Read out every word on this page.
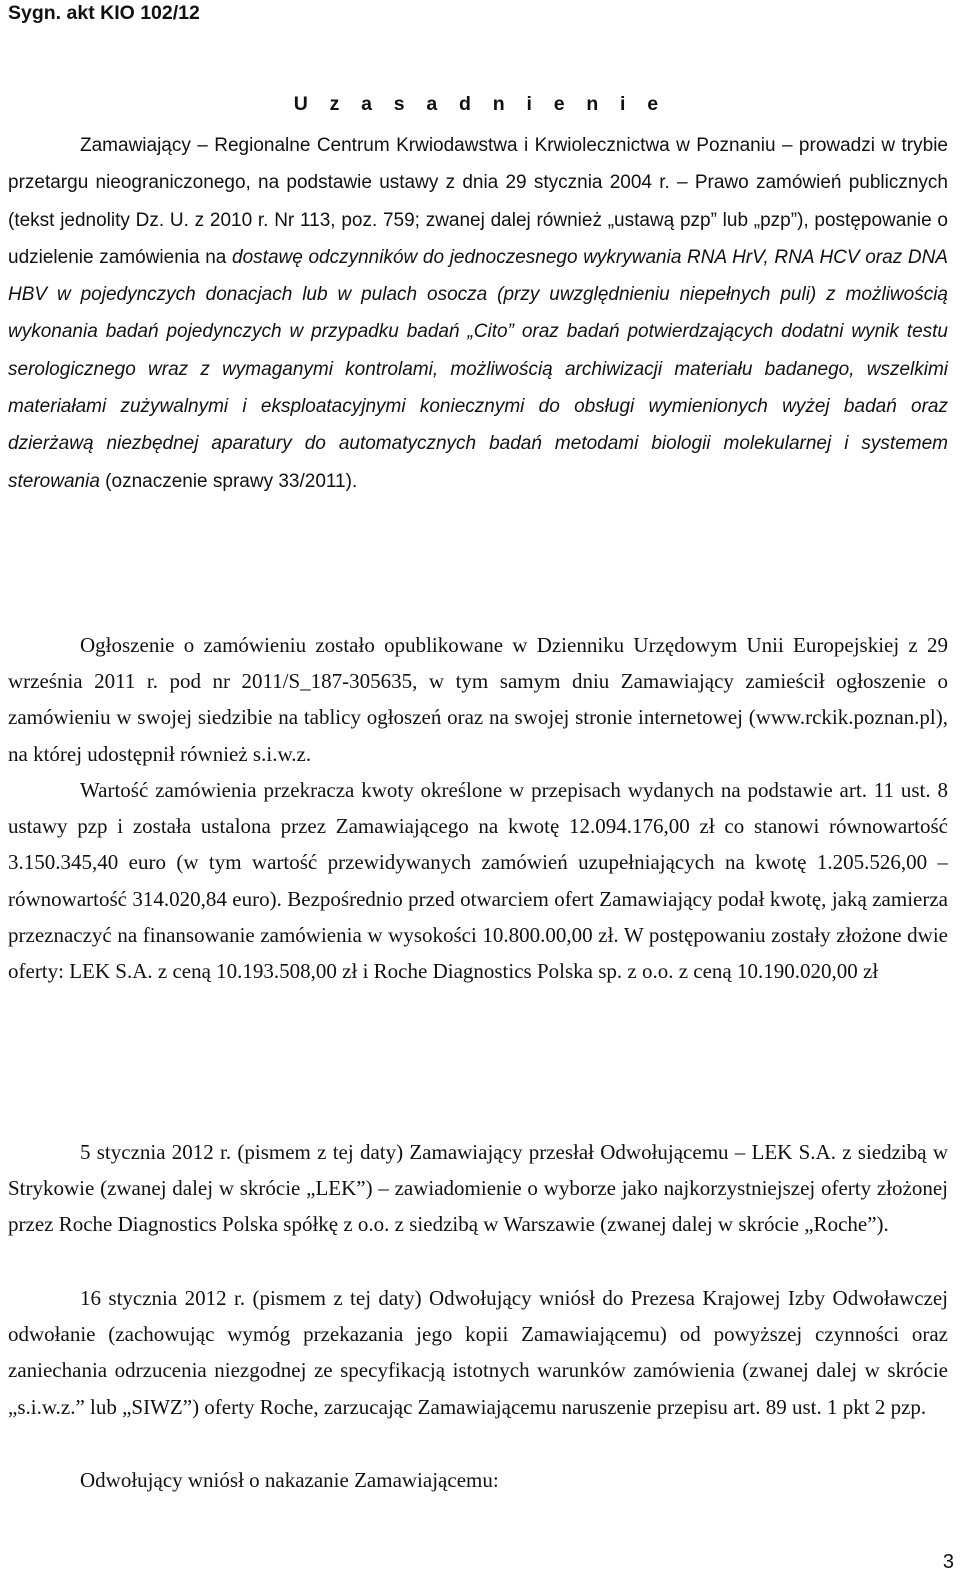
Sygn. akt KIO 102/12

U z a s a d n i e n i e

Zamawiający – Regionalne Centrum Krwiodawstwa i Krwiolecznictwa w Poznaniu – prowadzi w trybie przetargu nieograniczonego, na podstawie ustawy z dnia 29 stycznia 2004 r. – Prawo zamówień publicznych (tekst jednolity Dz. U. z 2010 r. Nr 113, poz. 759; zwanej dalej również „ustawą pzp” lub „pzp”), postępowanie o udzielenie zamówienia na dostawę odczynników do jednoczesnego wykrywania RNA HrV, RNA HCV oraz DNA HBV w pojedynczych donacjach lub w pulach osocza (przy uwzględnieniu niepełnych puli) z możliwością wykonania badań pojedynczych w przypadku badań „Cito” oraz badań potwierdzających dodatni wynik testu serologicznego wraz z wymaganymi kontrolami, możliwością archiwizacji materiału badanego, wszelkimi materiałami zużywalnymi i eksploatacyjnymi koniecznymi do obsługi wymienionych wyżej badań oraz dzierżawą niezbędnej aparatury do automatycznych badań metodami biologii molekularnej i systemem sterowania (oznaczenie sprawy 33/2011).

Ogłoszenie o zamówieniu zostało opublikowane w Dzienniku Urzędowym Unii Europejskiej z 29 września 2011 r. pod nr 2011/S_187-305635, w tym samym dniu Zamawiający zamieścił ogłoszenie o zamówieniu w swojej siedzibie na tablicy ogłoszeń oraz na swojej stronie internetowej (www.rckik.poznan.pl), na której udostępnił również s.i.w.z.

Wartość zamówienia przekracza kwoty określone w przepisach wydanych na podstawie art. 11 ust. 8 ustawy pzp i została ustalona przez Zamawiającego na kwotę 12.094.176,00 zł co stanowi równowartość 3.150.345,40 euro (w tym wartość przewidywanych zamówień uzupełniających na kwotę 1.205.526,00 – równowartość 314.020,84 euro). Bezpośrednio przed otwarciem ofert Zamawiający podał kwotę, jaką zamierza przeznaczyć na finansowanie zamówienia w wysokości 10.800.00,00 zł. W postępowaniu zostały złożone dwie oferty: LEK S.A. z ceną 10.193.508,00 zł i Roche Diagnostics Polska sp. z o.o. z ceną 10.190.020,00 zł

5 stycznia 2012 r. (pismem z tej daty) Zamawiający przesłał Odwołującemu – LEK S.A. z siedzibą w Strykowie (zwanej dalej w skrócie „LEK”) – zawiadomienie o wyborze jako najkorzystniejszej oferty złożonej przez Roche Diagnostics Polska spółkę z o.o. z siedzibą w Warszawie (zwanej dalej w skrócie „Roche”).

16 stycznia 2012 r. (pismem z tej daty) Odwołujący wniósł do Prezesa Krajowej Izby Odwoławczej odwołanie (zachowując wymóg przekazania jego kopii Zamawiającemu) od powyższej czynności oraz zaniechania odrzucenia niezgodnej ze specyfikacją istotnych warunków zamówienia (zwanej dalej w skrócie „s.i.w.z.” lub „SIWZ”) oferty Roche, zarzucając Zamawiającemu naruszenie przepisu art. 89 ust. 1 pkt 2 pzp.

Odwołujący wniósł o nakazanie Zamawiającemu:

3
